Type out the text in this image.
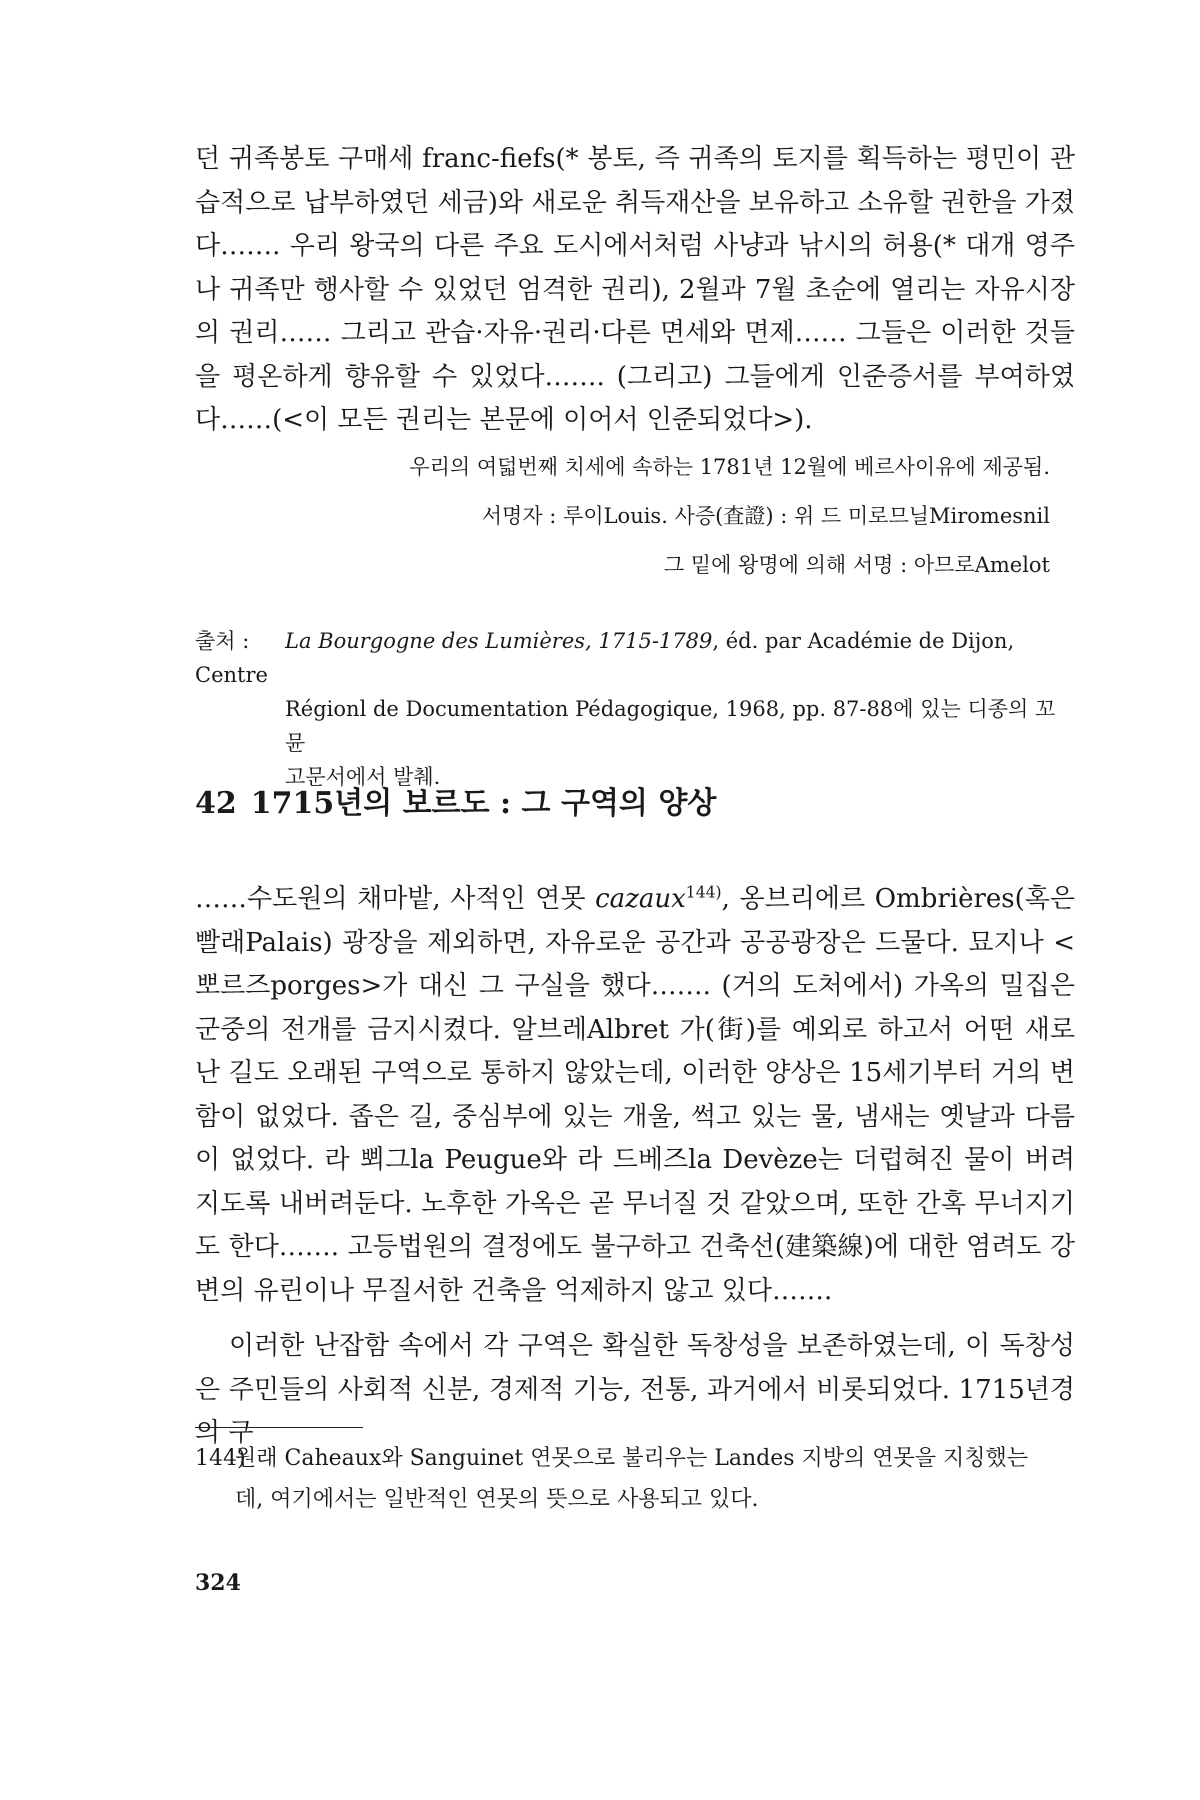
던 귀족봉토 구매세 franc-fiefs(* 봉토, 즉 귀족의 토지를 획득하는 평민이 관습적으로 납부하였던 세금)와 새로운 취득재산을 보유하고 소유할 권한을 가졌다……. 우리 왕국의 다른 주요 도시에서처럼 사냥과 낚시의 허용(* 대개 영주나 귀족만 행사할 수 있었던 엄격한 권리), 2월과 7월 초순에 열리는 자유시장의 권리…… 그리고 관습·자유·권리·다른 면세와 면제…… 그들은 이러한 것들을 평온하게 향유할 수 있었다……. (그리고) 그들에게 인준증서를 부여하였다……(<이 모든 권리는 본문에 이어서 인준되었다>).

우리의 여덟번째 치세에 속하는 1781년 12월에 베르사이유에 제공됨.
서명자 : 루이Louis. 사증(査證) : 위 드 미로므닐Miromesnil
그 밑에 왕명에 의해 서명 : 아므로Amelot
출처 : La Bourgogne des Lumières, 1715-1789, éd. par Académie de Dijon, Centre
Régionl de Documentation Pédagogique, 1968, pp. 87-88에 있는 디종의 꼬뮨
고문서에서 발췌.
42 1715년의 보르도 : 그 구역의 양상

……수도원의 채마밭, 사적인 연못 cazaux$^{144)}$, 옹브리에르 Ombrières(혹은 빨래Palais) 광장을 제외하면, 자유로운 공간과 공공광장은 드물다. 묘지나 <뽀르즈porges>가 대신 그 구실을 했다……. (거의 도처에서) 가옥의 밀집은 군중의 전개를 금지시켰다. 알브레Albret 가(街)를 예외로 하고서 어떤 새로 난 길도 오래된 구역으로 통하지 않았는데, 이러한 양상은 15세기부터 거의 변함이 없었다. 좁은 길, 중심부에 있는 개울, 썩고 있는 물, 냄새는 옛날과 다름이 없었다. 라 뾔그la Peugue와 라 드베즈la Devèze는 더럽혀진 물이 버려지도록 내버려둔다. 노후한 가옥은 곧 무너질 것 같았으며, 또한 간혹 무너지기도 한다……. 고등법원의 결정에도 불구하고 건축선(建築線)에 대한 염려도 강변의 유린이나 무질서한 건축을 억제하지 않고 있다…….

이러한 난잡함 속에서 각 구역은 확실한 독창성을 보존하였는데, 이 독창성은 주민들의 사회적 신분, 경제적 기능, 전통, 과거에서 비롯되었다. 1715년경의 구

144)원래 Caheaux와 Sanguinet 연못으로 불리우는 Landes 지방의 연못을 지칭했는
데, 여기에서는 일반적인 연못의 뜻으로 사용되고 있다.
324
